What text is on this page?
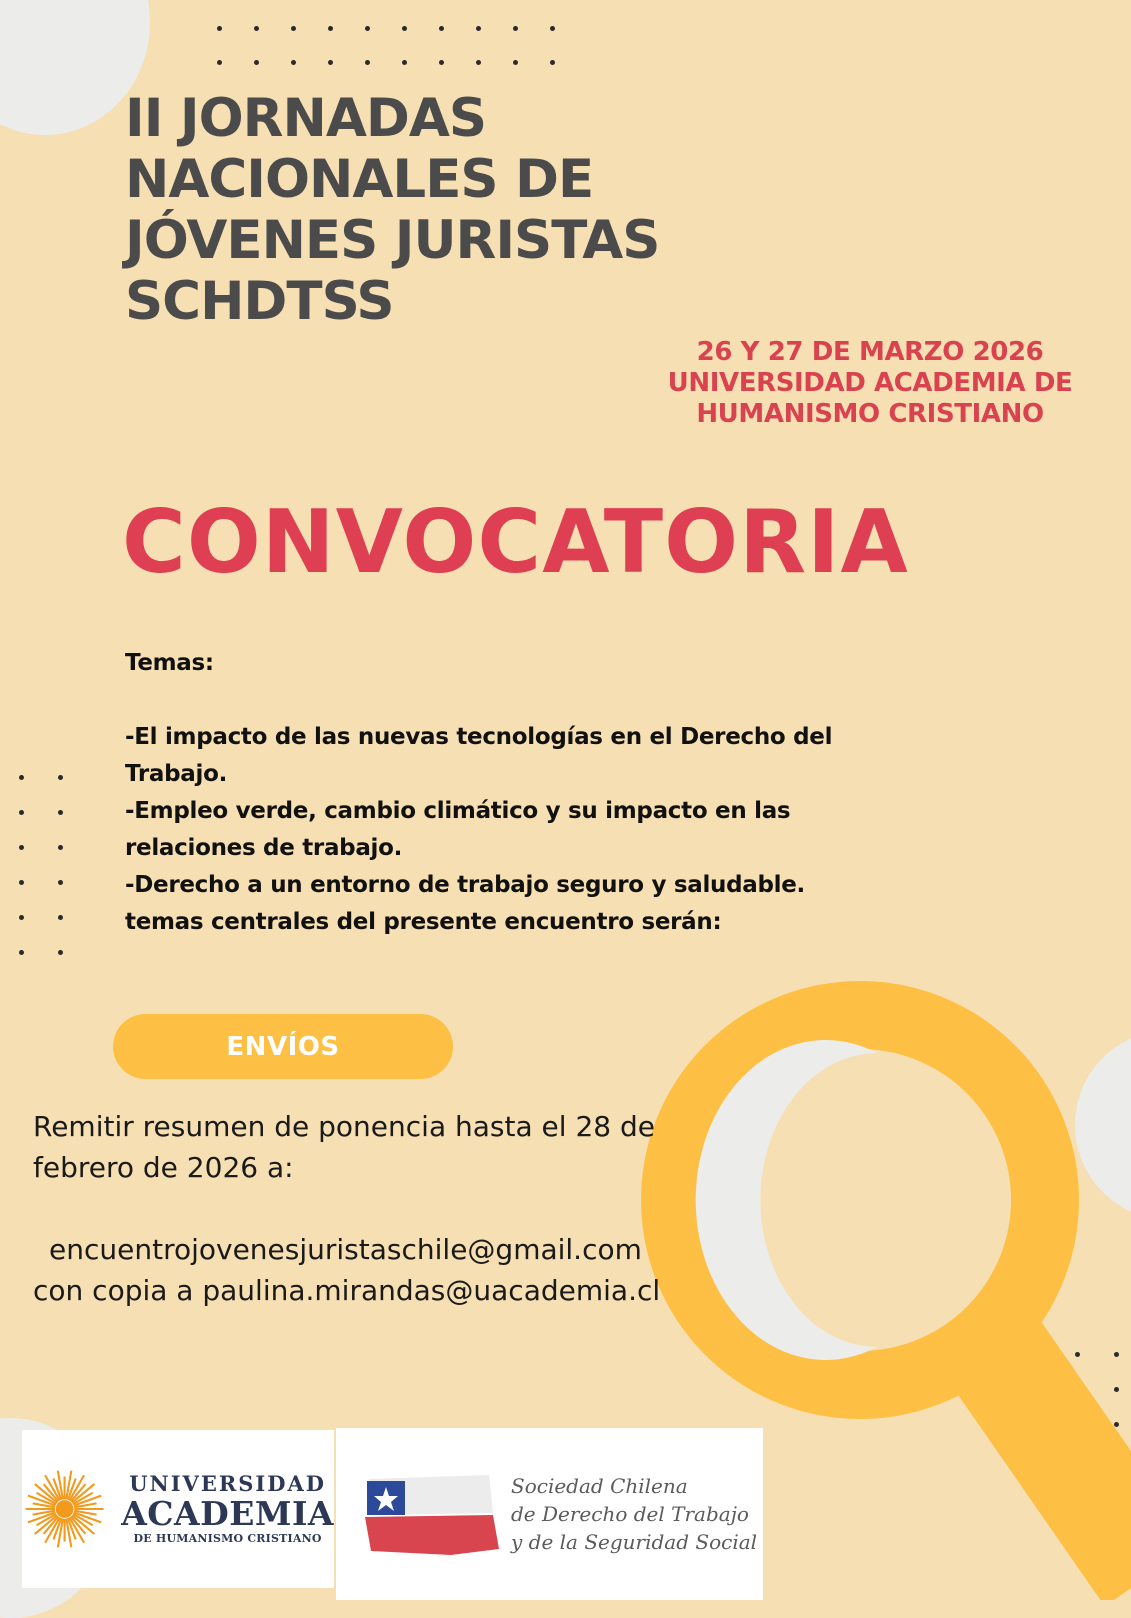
II JORNADAS
NACIONALES DE
JÓVENES JURISTAS
SCHDTSS
26 Y 27 DE MARZO 2026
UNIVERSIDAD ACADEMIA DE
HUMANISMO CRISTIANO
CONVOCATORIA
Temas:
-El impacto de las nuevas tecnologías en el Derecho del
Trabajo.
-Empleo verde, cambio climático y su impacto en las
relaciones de trabajo.
-Derecho a un entorno de trabajo seguro y saludable.
temas centrales del presente encuentro serán:
ENVÍOS
Remitir resumen de ponencia hasta el 28 de
febrero de 2026 a:
encuentrojovenesjuristaschile@gmail.com
con copia a paulina.mirandas@uacademia.cl
UNIVERSIDAD
ACADEMIA
DE HUMANISMO CRISTIANO
Sociedad Chilena
de Derecho del Trabajo
y de la Seguridad Social
